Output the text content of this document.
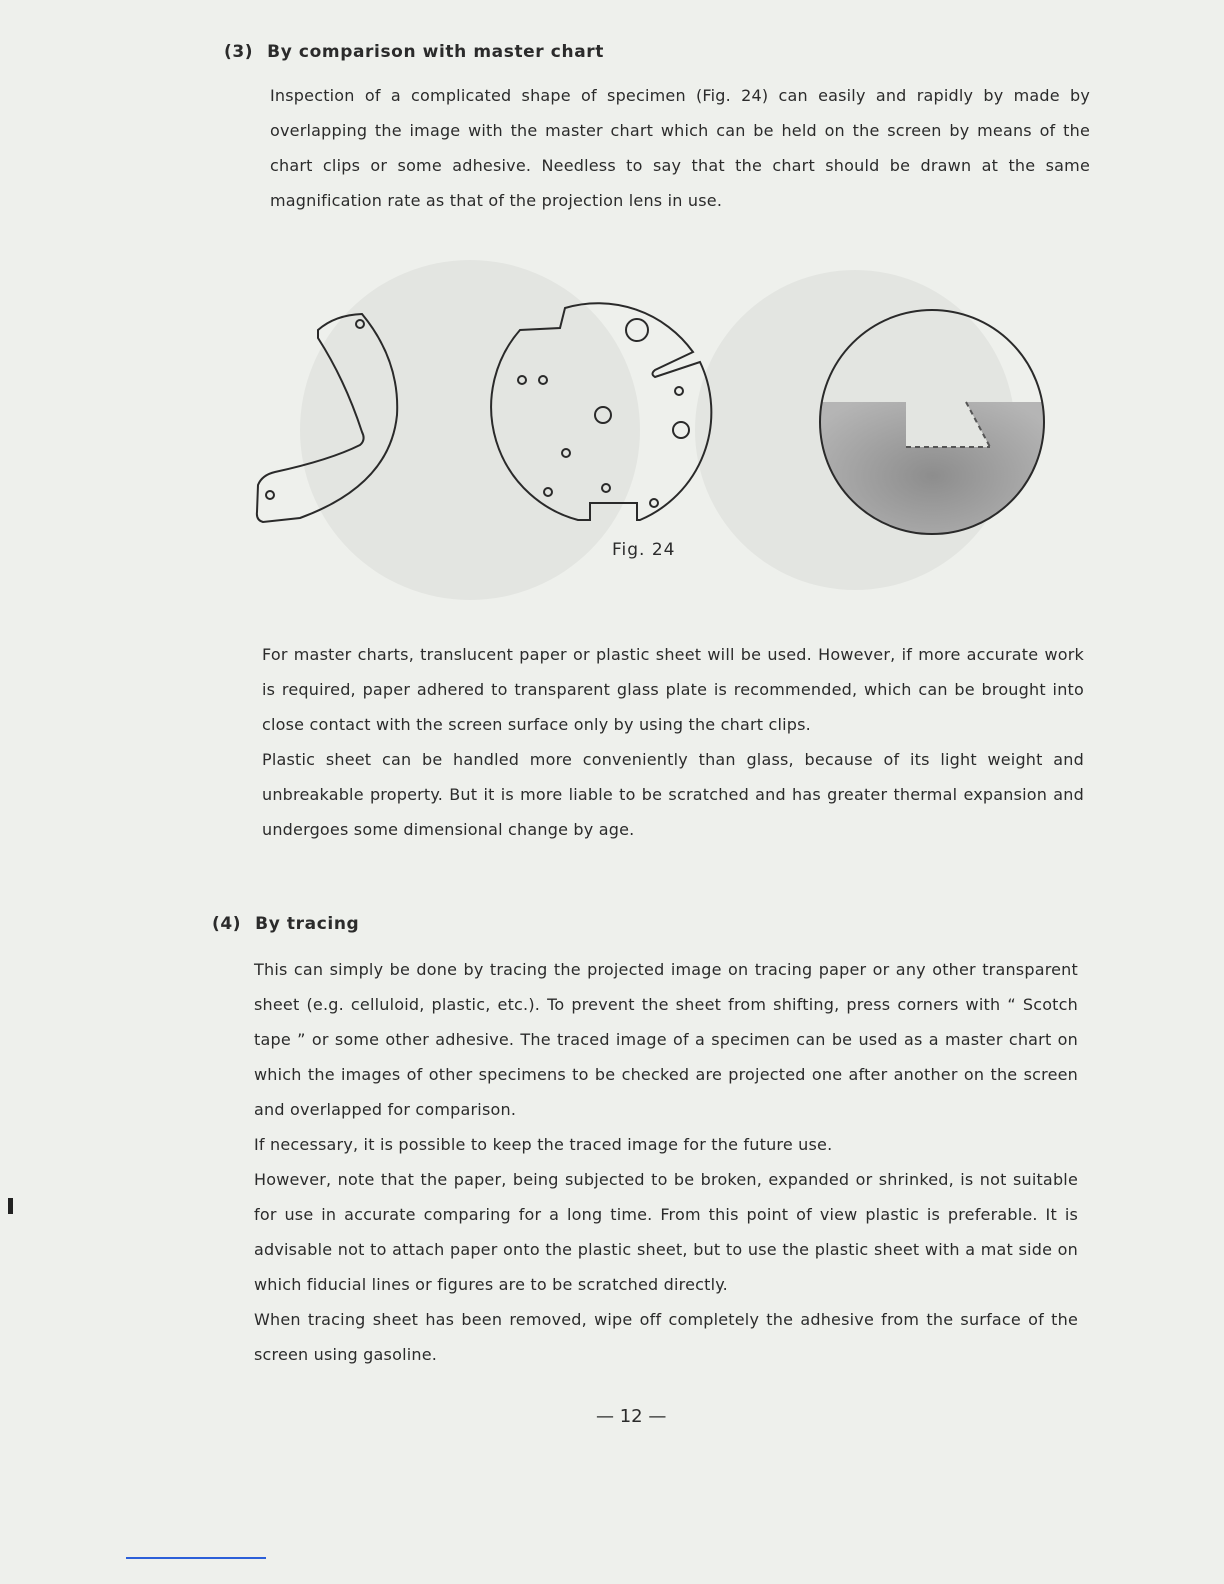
(3) By comparison with master chart

Inspection of a complicated shape of specimen (Fig. 24) can easily and rapidly by made by overlapping the image with the master chart which can be held on the screen by means of the chart clips or some adhesive. Needless to say that the chart should be drawn at the same magnification rate as that of the projection lens in use.

Fig. 24

For master charts, translucent paper or plastic sheet will be used. However, if more accurate work is required, paper adhered to transparent glass plate is recommended, which can be brought into close contact with the screen surface only by using the chart clips.

Plastic sheet can be handled more conveniently than glass, because of its light weight and unbreakable property. But it is more liable to be scratched and has greater thermal expansion and undergoes some dimensional change by age.

(4) By tracing

This can simply be done by tracing the projected image on tracing paper or any other transparent sheet (e.g. celluloid, plastic, etc.). To prevent the sheet from shifting, press corners with “ Scotch tape ” or some other adhesive. The traced image of a specimen can be used as a master chart on which the images of other specimens to be checked are projected one after another on the screen and overlapped for comparison.

If necessary, it is possible to keep the traced image for the future use.

However, note that the paper, being subjected to be broken, expanded or shrinked, is not suitable for use in accurate comparing for a long time. From this point of view plastic is preferable. It is advisable not to attach paper onto the plastic sheet, but to use the plastic sheet with a mat side on which fiducial lines or figures are to be scratched directly.

When tracing sheet has been removed, wipe off completely the adhesive from the surface of the screen using gasoline.

— 12 —
